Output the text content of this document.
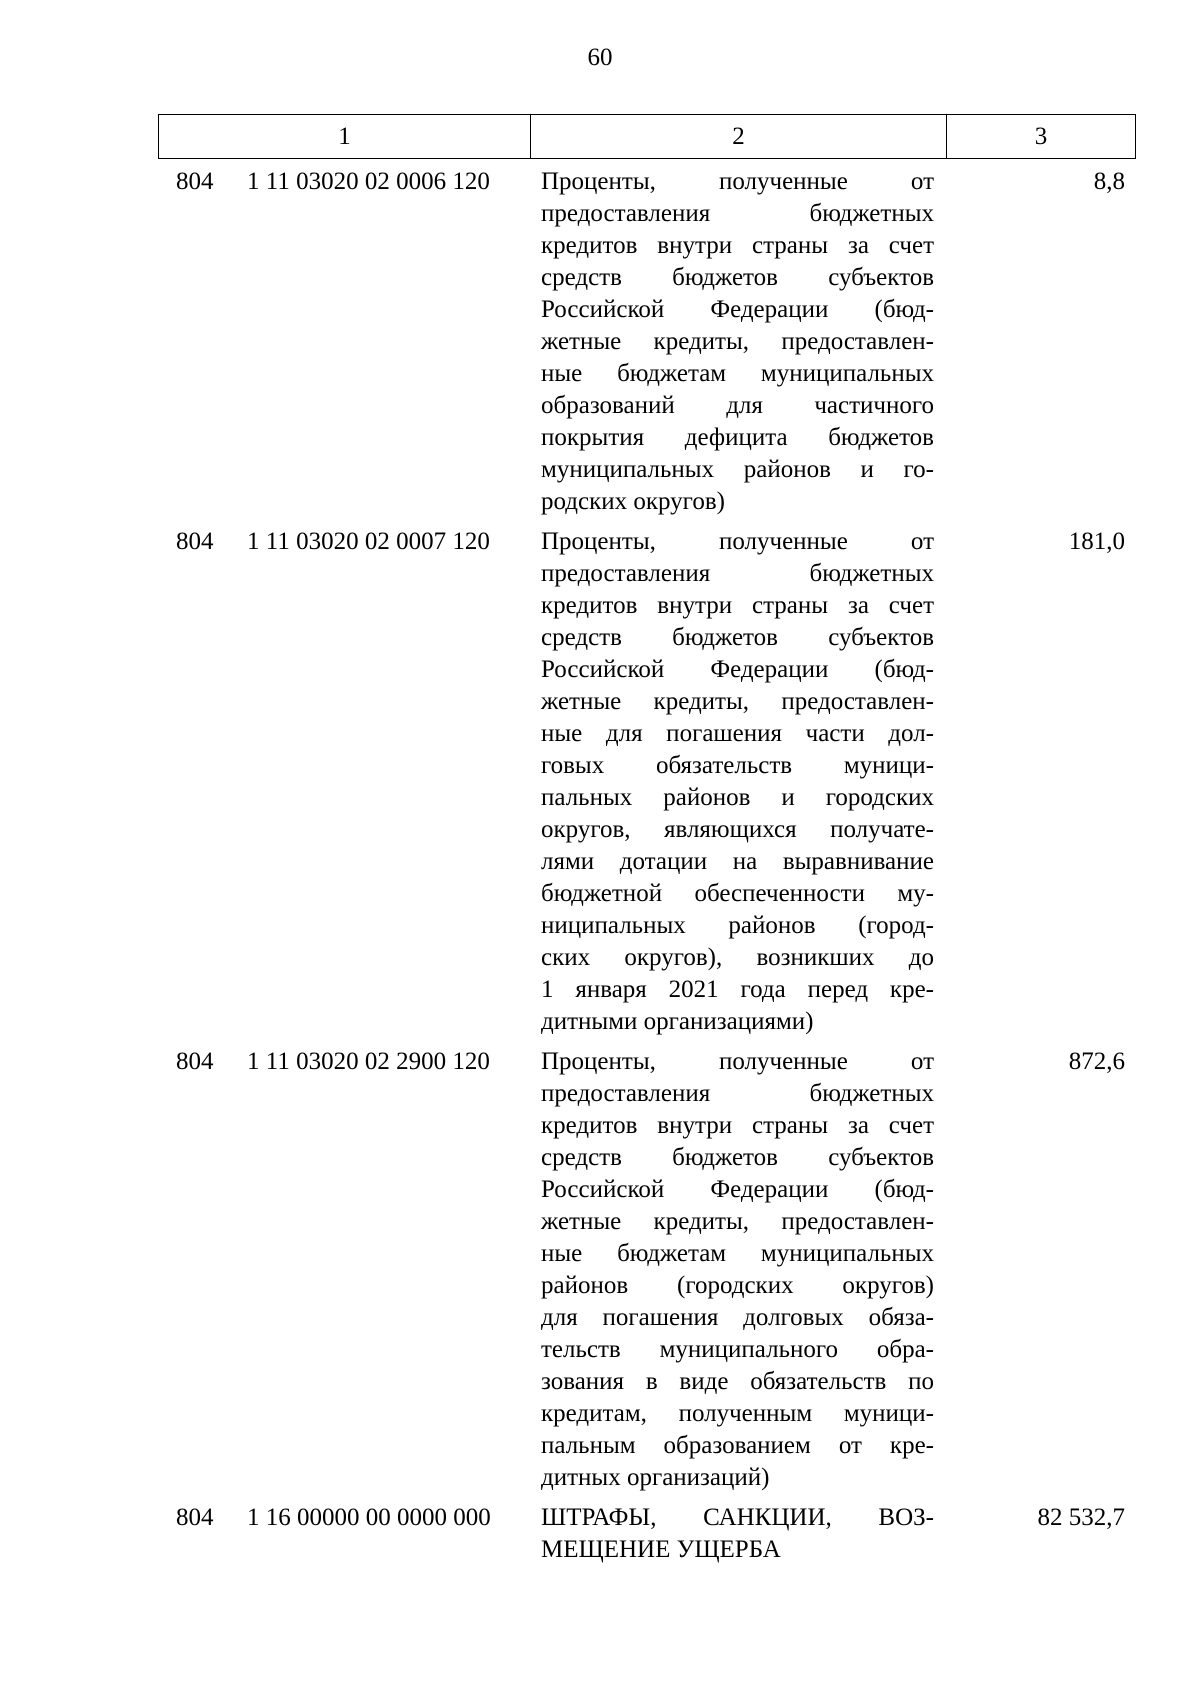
60
1	2	3
804 1 11 03020 02 0006 120 Проценты, полученные от
предоставления бюджетных
кредитов внутри страны за счет
средств бюджетов субъектов
Российской Федерации (бюд-
жетные кредиты, предоставлен-
ные бюджетам муниципальных
образований для частичного
покрытия дефицита бюджетов
муниципальных районов и го-
родских округов)
8,8
804 1 11 03020 02 0007 120 Проценты, полученные от
предоставления бюджетных
кредитов внутри страны за счет
средств бюджетов субъектов
Российской Федерации (бюд-
жетные кредиты, предоставлен-
ные для погашения части дол-
говых обязательств муници-
пальных районов и городских
округов, являющихся получате-
лями дотации на выравнивание
бюджетной обеспеченности му-
ниципальных районов (город-
ских округов), возникших до
1 января 2021 года перед кре-
дитными организациями)
181,0
804 1 11 03020 02 2900 120 Проценты, полученные от
предоставления бюджетных
кредитов внутри страны за счет
средств бюджетов субъектов
Российской Федерации (бюд-
жетные кредиты, предоставлен-
ные бюджетам муниципальных
районов (городских округов)
для погашения долговых обяза-
тельств муниципального обра-
зования в виде обязательств по
кредитам, полученным муници-
пальным образованием от кре-
дитных организаций)
872,6
804 1 16 00000 00 0000 000 ШТРАФЫ, САНКЦИИ, ВОЗ-
МЕЩЕНИЕ УЩЕРБА
82 532,7
